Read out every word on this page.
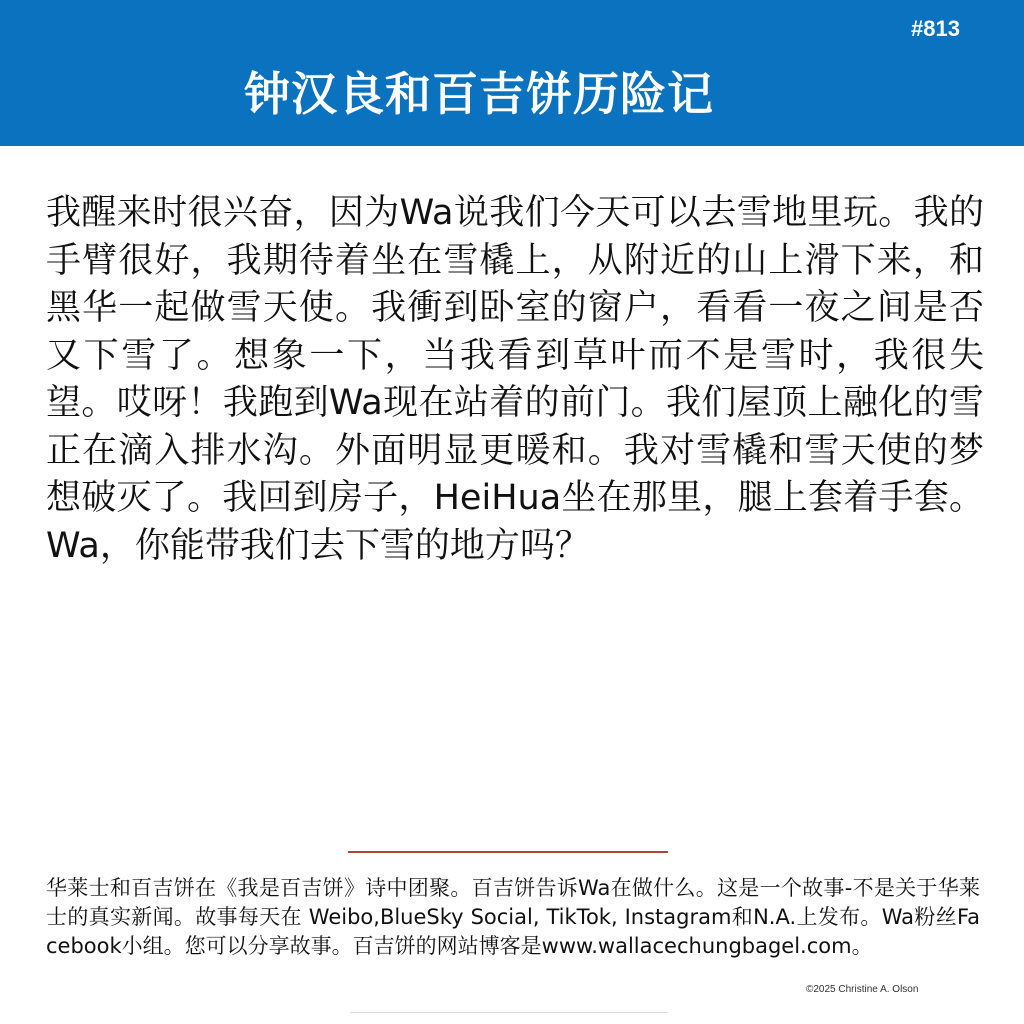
#813
钟汉良和百吉饼历险记
我醒来时很兴奋，因为Wa说我们今天可以去雪地里玩。我的手臂很好，我期待着坐在雪橇上，从附近的山上滑下来，和黑华一起做雪天使。我衝到卧室的窗户，看看一夜之间是否又下雪了。想象一下，当我看到草叶而不是雪时，我很失望。哎呀！我跑到Wa现在站着的前门。我们屋顶上融化的雪正在滴入排水沟。外面明显更暖和。我对雪橇和雪天使的梦想破灭了。我回到房子，HeiHua坐在那里，腿上套着手套。Wa，你能带我们去下雪的地方吗？
华莱士和百吉饼在《我是百吉饼》诗中团聚。百吉饼告诉Wa在做什么。这是一个故事-不是关于华莱士的真实新闻。故事每天在 Weibo,BlueSky Social, TikTok, Instagram和N.A.上发布。Wa粉丝Facebook小组。您可以分享故事。百吉饼的网站博客是www.wallacechungbagel.com。
©2025 Christine A. Olson
